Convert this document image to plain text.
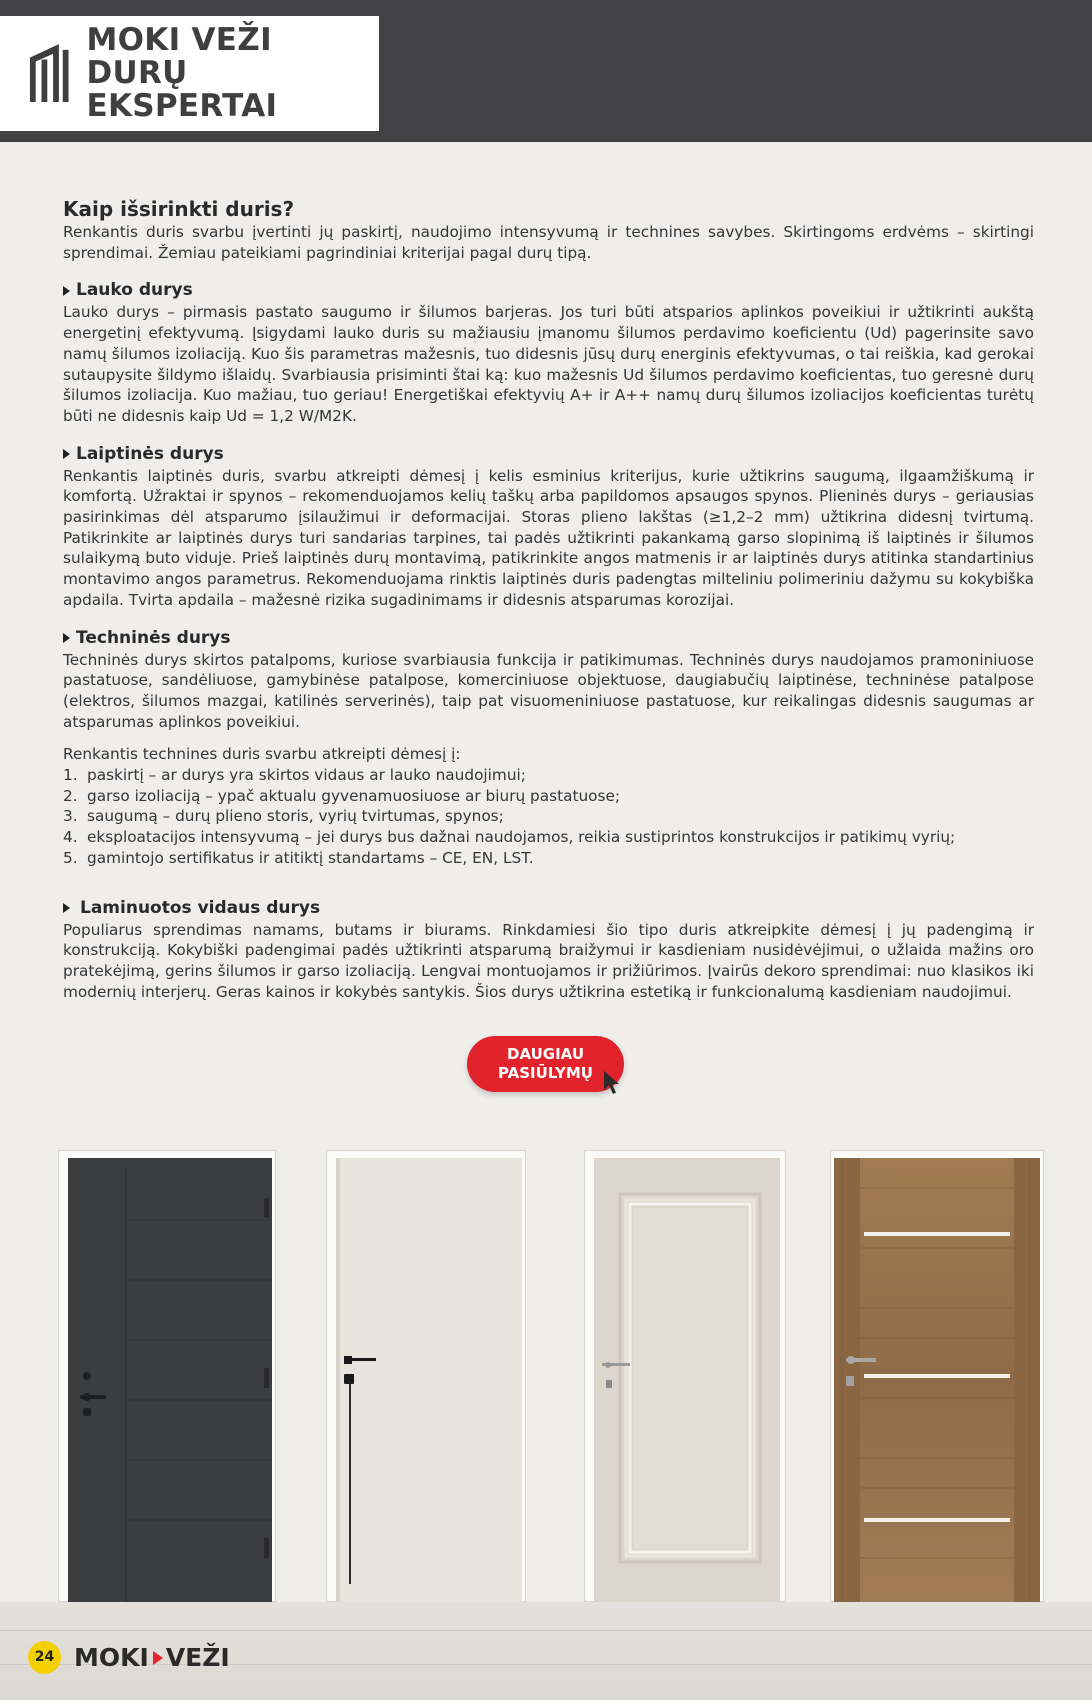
MOKI VEŽI
DURŲ EKSPERTAI
Kaip išsirinkti duris?

Renkantis duris svarbu įvertinti jų paskirtį, naudojimo intensyvumą ir technines savybes. Skirtingoms erdvėms – skirtingi sprendimai. Žemiau pateikiami pagrindiniai kriterijai pagal durų tipą.

Lauko durys

Lauko durys – pirmasis pastato saugumo ir šilumos barjeras. Jos turi būti atsparios aplinkos poveikiui ir užtikrinti aukštą energetinį efektyvumą. Įsigydami lauko duris su mažiausiu įmanomu šilumos perdavimo koeficientu (Ud) pagerinsite savo namų šilumos izoliaciją. Kuo šis parametras mažesnis, tuo didesnis jūsų durų energinis efektyvumas, o tai reiškia, kad gerokai sutaupysite šildymo išlaidų. Svarbiausia prisiminti štai ką: kuo mažesnis Ud šilumos perdavimo koeficientas, tuo geresnė durų šilumos izoliacija. Kuo mažiau, tuo geriau! Energetiškai efektyvių A+ ir A++ namų durų šilumos izoliacijos koeficientas turėtų būti ne didesnis kaip Ud = 1,2 W/M2K.

Laiptinės durys

Renkantis laiptinės duris, svarbu atkreipti dėmesį į kelis esminius kriterijus, kurie užtikrins saugumą, ilgaamžiškumą ir komfortą. Užraktai ir spynos – rekomenduojamos kelių taškų arba papildomos apsaugos spynos. Plieninės durys – geriausias pasirinkimas dėl atsparumo įsilaužimui ir deformacijai. Storas plieno lakštas (≥1,2–2 mm) užtikrina didesnį tvirtumą. Patikrinkite ar laiptinės durys turi sandarias tarpines, tai padės užtikrinti pakankamą garso slopinimą iš laiptinės ir šilumos sulaikymą buto viduje. Prieš laiptinės durų montavimą, patikrinkite angos matmenis ir ar laiptinės durys atitinka standartinius montavimo angos parametrus. Rekomenduojama rinktis laiptinės duris padengtas milteliniu polimeriniu dažymu su kokybiška apdaila. Tvirta apdaila – mažesnė rizika sugadinimams ir didesnis atsparumas korozijai.

Techninės durys

Techninės durys skirtos patalpoms, kuriose svarbiausia funkcija ir patikimumas. Techninės durys naudojamos pramoniniuose pastatuose, sandėliuose, gamybinėse patalpose, komerciniuose objektuose, daugiabučių laiptinėse, techninėse patalpose (elektros, šilumos mazgai, katilinės serverinės), taip pat visuomeniniuose pastatuose, kur reikalingas didesnis saugumas ar atsparumas aplinkos poveikiui.

Renkantis technines duris svarbu atkreipti dėmesį į:

1. paskirtį – ar durys yra skirtos vidaus ar lauko naudojimui;
2. garso izoliaciją – ypač aktualu gyvenamuosiuose ar biurų pastatuose;
3. saugumą – durų plieno storis, vyrių tvirtumas, spynos;
4. eksploatacijos intensyvumą – jei durys bus dažnai naudojamos, reikia sustiprintos konstrukcijos ir patikimų vyrių;
5. gamintojo sertifikatus ir atitiktį standartams – CE, EN, LST.
Laminuotos vidaus durys

Populiarus sprendimas namams, butams ir biurams. Rinkdamiesi šio tipo duris atkreipkite dėmesį į jų padengimą ir konstrukciją. Kokybiški padengimai padės užtikrinti atsparumą braižymui ir kasdieniam nusidėvėjimui, o užlaida mažins oro pratekėjimą, gerins šilumos ir garso izoliaciją. Lengvai montuojamos ir prižiūrimos. Įvairūs dekoro sprendimai: nuo klasikos iki modernių interjerų. Geras kainos ir kokybės santykis. Šios durys užtikrina estetiką ir funkcionalumą kasdieniam naudojimui.

DAUGIAU
PASIŪLYMŲ
24 MOKI VEŽI
